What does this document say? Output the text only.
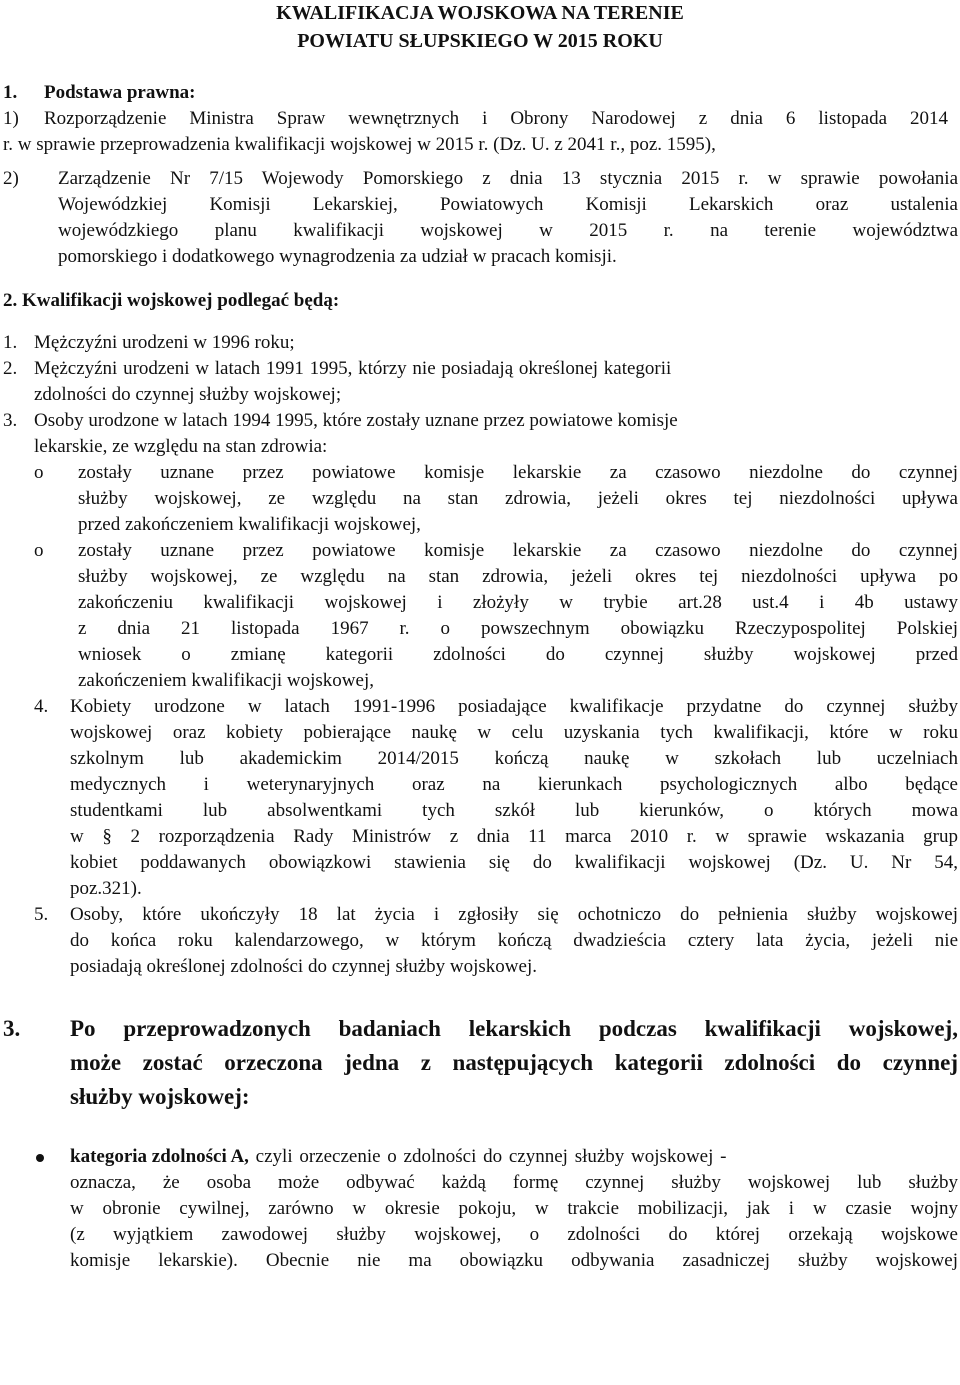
KWALIFIKACJA WOJSKOWA NA TERENIE
POWIATU SŁUPSKIEGO W 2015 ROKU
1. Podstawa prawna:
1) Rozporządzenie Ministra Spraw wewnętrznych i Obrony Narodowej z dnia 6 listopada 2014
r. w sprawie przeprowadzenia kwalifikacji wojskowej w 2015 r. (Dz. U. z 2041 r., poz. 1595),
2) Zarządzenie Nr 7/15 Wojewody Pomorskiego z dnia 13 stycznia 2015 r. w sprawie powołania
Wojewódzkiej Komisji Lekarskiej, Powiatowych Komisji Lekarskich oraz ustalenia
wojewódzkiego planu kwalifikacji wojskowej w 2015 r. na terenie województwa
pomorskiego i dodatkowego wynagrodzenia za udział w pracach komisji.
2. Kwalifikacji wojskowej podlegać będą:
1. Mężczyźni urodzeni w 1996 roku;
2. Mężczyźni urodzeni w latach 1991 1995, którzy nie posiadają określonej kategorii
zdolności do czynnej służby wojskowej;
3. Osoby urodzone w latach 1994 1995, które zostały uznane przez powiatowe komisje
lekarskie, ze względu na stan zdrowia:
o zostały uznane przez powiatowe komisje lekarskie za czasowo niezdolne do czynnej
służby wojskowej, ze względu na stan zdrowia, jeżeli okres tej niezdolności upływa
przed zakończeniem kwalifikacji wojskowej,
o zostały uznane przez powiatowe komisje lekarskie za czasowo niezdolne do czynnej
służby wojskowej, ze względu na stan zdrowia, jeżeli okres tej niezdolności upływa po
zakończeniu kwalifikacji wojskowej i złożyły w trybie art.28 ust.4 i 4b ustawy
z dnia 21 listopada 1967 r. o powszechnym obowiązku Rzeczypospolitej Polskiej
wniosek o zmianę kategorii zdolności do czynnej służby wojskowej przed
zakończeniem kwalifikacji wojskowej,
4. Kobiety urodzone w latach 1991-1996 posiadające kwalifikacje przydatne do czynnej służby
wojskowej oraz kobiety pobierające naukę w celu uzyskania tych kwalifikacji, które w roku
szkolnym lub akademickim 2014/2015 kończą naukę w szkołach lub uczelniach
medycznych i weterynaryjnych oraz na kierunkach psychologicznych albo będące
studentkami lub absolwentkami tych szkół lub kierunków, o których mowa
w § 2 rozporządzenia Rady Ministrów z dnia 11 marca 2010 r. w sprawie wskazania grup
kobiet poddawanych obowiązkowi stawienia się do kwalifikacji wojskowej (Dz. U. Nr 54,
poz.321).
5. Osoby, które ukończyły 18 lat życia i zgłosiły się ochotniczo do pełnienia służby wojskowej
do końca roku kalendarzowego, w którym kończą dwadzieścia cztery lata życia, jeżeli nie
posiadają określonej zdolności do czynnej służby wojskowej.
3. Po przeprowadzonych badaniach lekarskich podczas kwalifikacji wojskowej,
może zostać orzeczona jedna z następujących kategorii zdolności do czynnej
służby wojskowej:
kategoria zdolności A, czyli orzeczenie o zdolności do czynnej służby wojskowej -
oznacza, że osoba może odbywać każdą formę czynnej służby wojskowej lub służby
w obronie cywilnej, zarówno w okresie pokoju, w trakcie mobilizacji, jak i w czasie wojny
(z wyjątkiem zawodowej służby wojskowej, o zdolności do której orzekają wojskowe
komisje lekarskie). Obecnie nie ma obowiązku odbywania zasadniczej służby wojskowej
